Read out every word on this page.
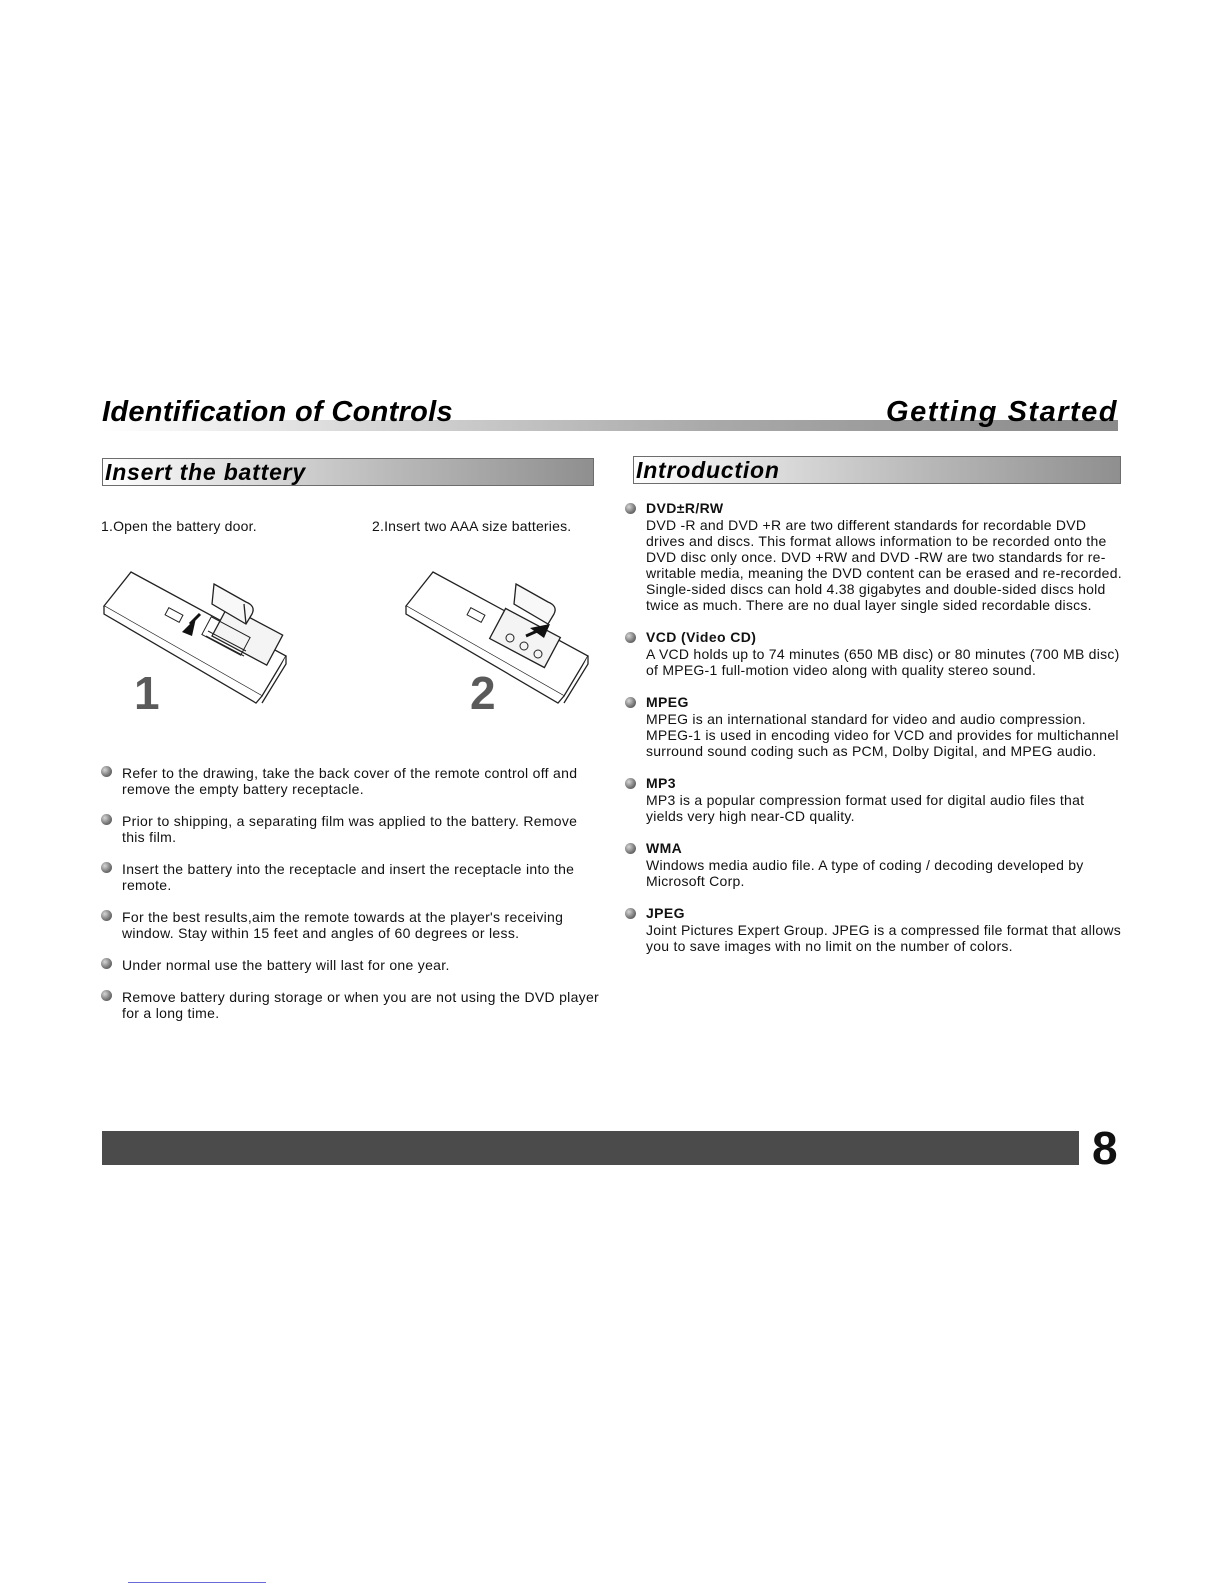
Identification of Controls	Getting Started
Insert the battery	Introduction
1.Open the battery door.	2.Insert two AAA size batteries.
1	2
Refer to the drawing, take the back cover of the remote control off and remove the empty battery receptacle.
Prior to shipping, a separating film was applied to the battery. Remove this film.
Insert the battery into the receptacle and insert the receptacle into the remote.
For the best results,aim the remote towards at the player's receiving window. Stay within 15 feet and angles of 60 degrees or less.
Under normal use the battery will last for one year.
Remove battery during storage or when you are not using the DVD player for a long time.
DVD±R/RW
DVD -R and DVD +R are two different standards for recordable DVD drives and discs. This format allows information to be recorded onto the DVD disc only once. DVD +RW and DVD -RW are two standards for re-writable media, meaning the DVD content can be erased and re-recorded. Single-sided discs can hold 4.38 gigabytes and double-sided discs hold twice as much. There are no dual layer single sided recordable discs.
VCD (Video CD)
A VCD holds up to 74 minutes (650 MB disc) or 80 minutes (700 MB disc) of MPEG-1 full-motion video along with quality stereo sound.
MPEG
MPEG is an international standard for video and audio compression. MPEG-1 is used in encoding video for VCD and provides for multichannel surround sound coding such as PCM, Dolby Digital, and MPEG audio.
MP3
MP3 is a popular compression format used for digital audio files that yields very high near-CD quality.
WMA
Windows media audio file. A type of coding / decoding developed by Microsoft Corp.
JPEG
Joint Pictures Expert Group. JPEG is a compressed file format that allows you to save images with no limit on the number of colors.
8
